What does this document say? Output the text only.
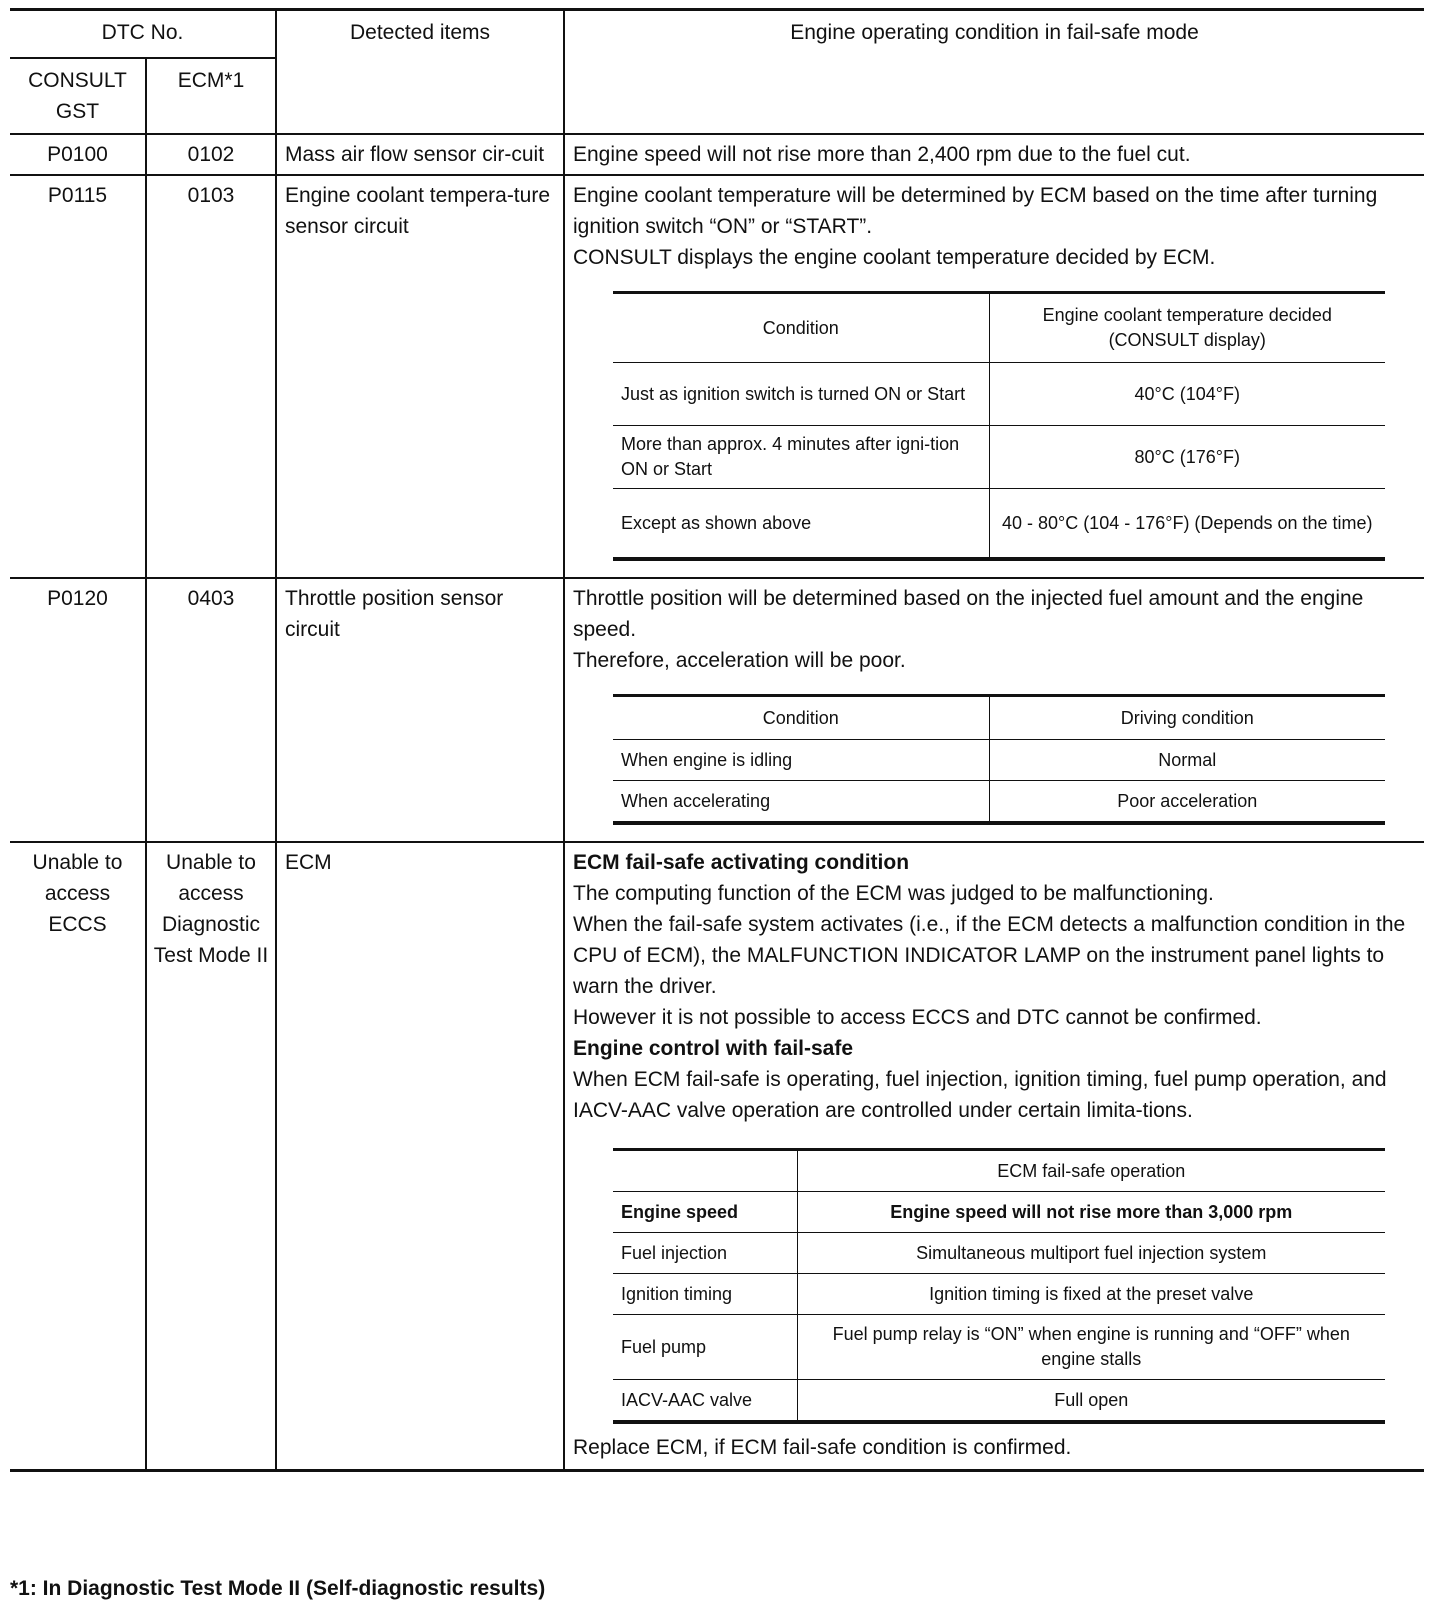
DTC No.	Detected items	Engine operating condition in fail-safe mode
CONSULT GST	ECM*1
P0100	0102	Mass air flow sensor cir-cuit	Engine speed will not rise more than 2,400 rpm due to the fuel cut.
P0115	0103	Engine coolant tempera-ture sensor circuit	

Engine coolant temperature will be determined by ECM based on the time after turning ignition switch “ON” or “START”.

CONSULT displays the engine coolant temperature decided by ECM.

Condition	Engine coolant temperature decided (CONSULT display)
Just as ignition switch is turned ON or Start	40°C (104°F)
More than approx. 4 minutes after igni-tion ON or Start	80°C (176°F)
Except as shown above	40 - 80°C (104 - 176°F) (Depends on the time)

P0120	0403	Throttle position sensor circuit	

Throttle position will be determined based on the injected fuel amount and the engine speed.

Therefore, acceleration will be poor.

Condition	Driving condition
When engine is idling	Normal
When accelerating	Poor acceleration

Unable to access ECCS	Unable to access Diagnostic Test Mode II	ECM	ECM fail-safe activating condition

The computing function of the ECM was judged to be malfunctioning.

When the fail-safe system activates (i.e., if the ECM detects a malfunction condition in the CPU of ECM), the MALFUNCTION INDICATOR LAMP on the instrument panel lights to warn the driver.

However it is not possible to access ECCS and DTC cannot be confirmed.

Engine control with fail-safe

When ECM fail-safe is operating, fuel injection, ignition timing, fuel pump operation, and IACV-AAC valve operation are controlled under certain limita-tions.

	ECM fail-safe operation
Engine speed	Engine speed will not rise more than 3,000 rpm
Fuel injection	Simultaneous multiport fuel injection system
Ignition timing	Ignition timing is fixed at the preset valve
Fuel pump	Fuel pump relay is “ON” when engine is running and “OFF” when engine stalls
IACV-AAC valve	Full open

Replace ECM, if ECM fail-safe condition is confirmed.

*1: In Diagnostic Test Mode II (Self-diagnostic results)
